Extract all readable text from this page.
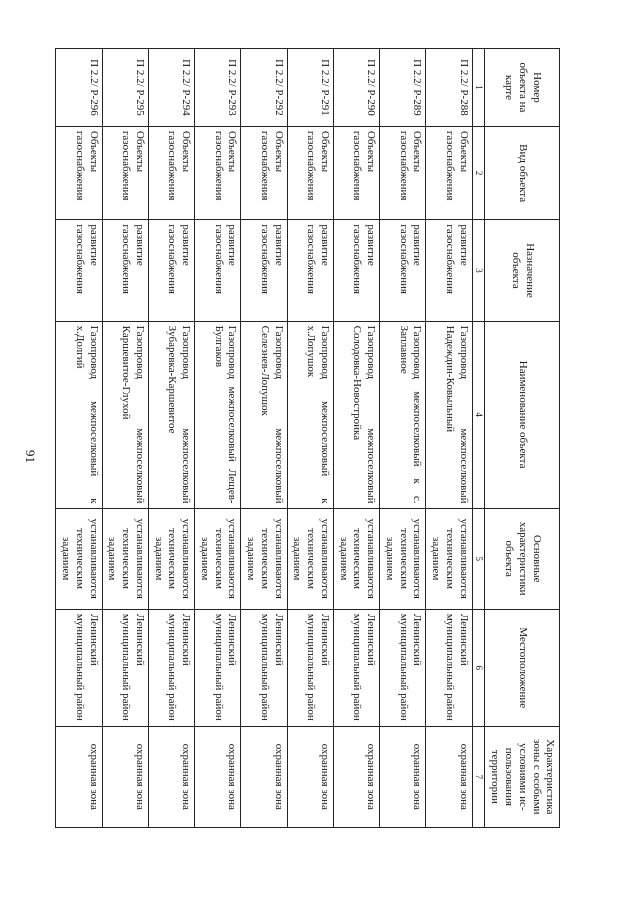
91
Номер объекта на карте	Вид объекта	Назначение объекта	Наименование объекта	Основные характеристики объекта	Местоположение	Характеристика зоны с особыми условиями ис-пользования территории
1	2	3	4	5	6	7
П 2.2/ Р-288	Объекты газоснабжения	развитие газоснабжения	Газопровод межпоселковый Надеждин-Ковыльный	устанавливаются техническим заданием	Ленинский муниципальный район	охранная зона
П 2.2/ Р-289	Объекты газоснабжения	развитие газоснабжения	Газопровод межпоселковый к с. Заплавное	устанавливаются техническим заданием	Ленинский муниципальный район	охранная зона
П 2.2/ Р-290	Объекты газоснабжения	развитие газоснабжения	Газопровод межпоселковый Солодовка-Новостройка	устанавливаются техническим заданием	Ленинский муниципальный район	охранная зона
П 2.2/ Р-291	Объекты газоснабжения	развитие газоснабжения	Газопровод межпоселковый к х.Лопушок	устанавливаются техническим заданием	Ленинский муниципальный район	охранная зона
П 2.2/ Р-292	Объекты газоснабжения	развитие газоснабжения	Газопровод межпоселковый Селезнев-Лопушок	устанавливаются техническим заданием	Ленинский муниципальный район	охранная зона
П 2.2/ Р-293	Объекты газоснабжения	развитие газоснабжения	Газопровод межпоселковый Лещев-Булгаков	устанавливаются техническим заданием	Ленинский муниципальный район	охранная зона
П 2.2/ Р-294	Объекты газоснабжения	развитие газоснабжения	Газопровод межпоселковый Зубаревка-Каршевитое	устанавливаются техническим заданием	Ленинский муниципальный район	охранная зона
П 2.2/ Р-295	Объекты газоснабжения	развитие газоснабжения	Газопровод межпоселковый Каршевитое-Глухой	устанавливаются техническим заданием	Ленинский муниципальный район	охранная зона
П 2.2/ Р-296	Объекты газоснабжения	развитие газоснабжения	Газопровод межпоселковый к х.Долгий	устанавливаются техническим заданием	Ленинский муниципальный район	охранная зона
